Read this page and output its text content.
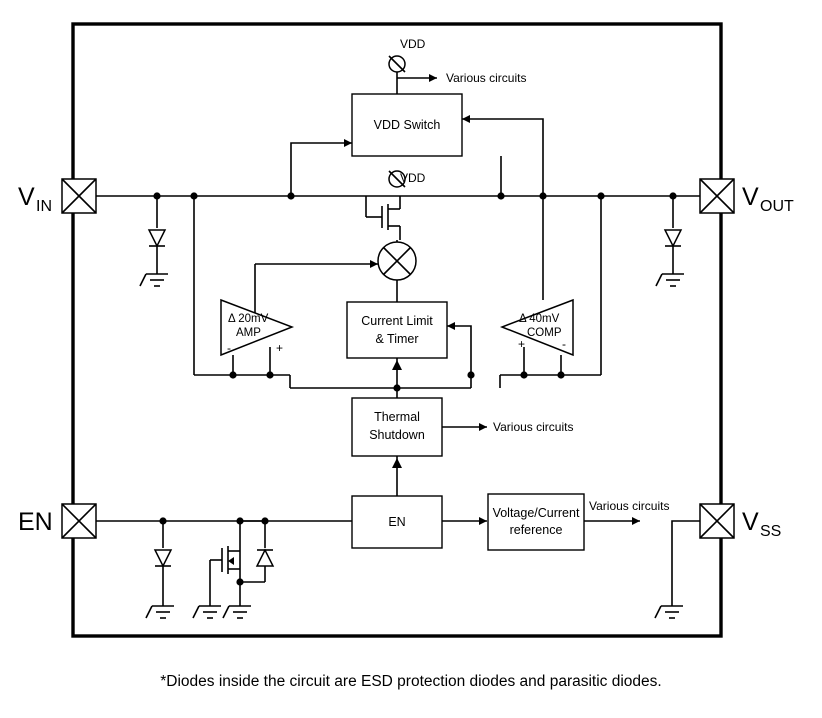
V IN	V OUT
EN	V SS
VDD
Various circuits
VDD Switch
VDD
Δ 20mV
AMP
-	+
Current Limit
& Timer
Δ 40mV
COMP
+	-
Thermal
Shutdown
Various circuits
EN
Voltage/Current
reference
Various circuits
*Diodes inside the circuit are ESD protection diodes and parasitic diodes.
